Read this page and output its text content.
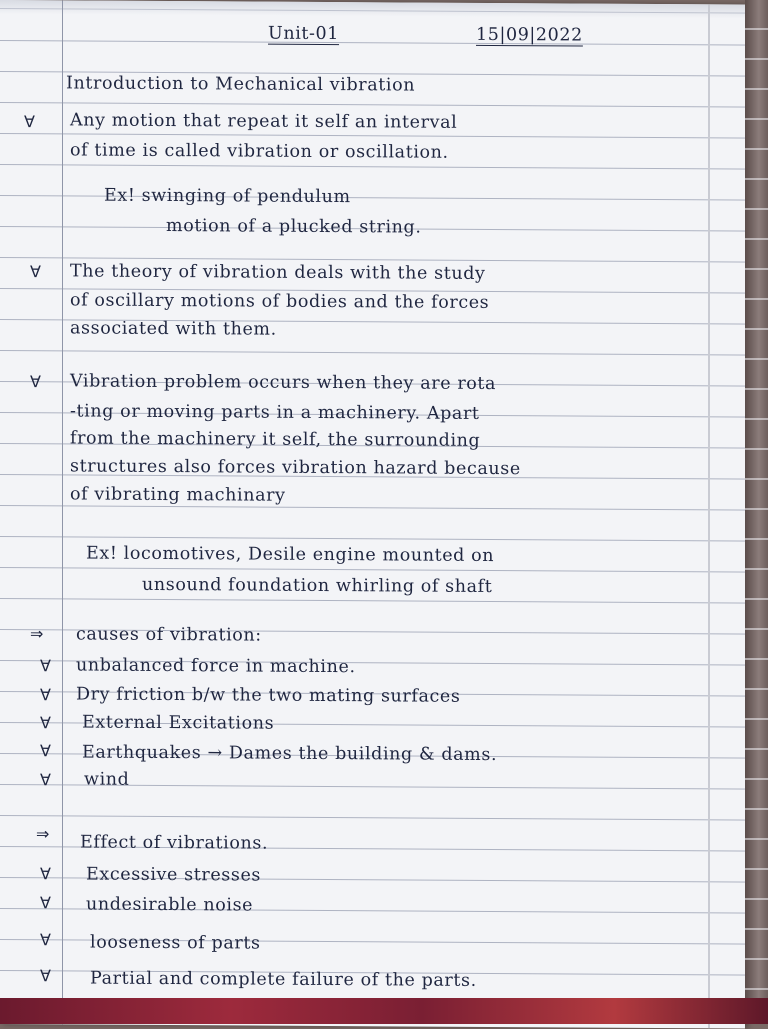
Unit-01	15|09|2022
Introduction to Mechanical vibration
∀ Any motion that repeat it self an interval
of time is called vibration or oscillation.
Ex! swinging of pendulum
motion of a plucked string.
∀ The theory of vibration deals with the study
of oscillary motions of bodies and the forces
associated with them.
∀ Vibration problem occurs when they are rota
-ting or moving parts in a machinery. Apart
from the machinery it self, the surrounding
structures also forces vibration hazard because
of vibrating machinary
Ex! locomotives, Desile engine mounted on
unsound foundation whirling of shaft
⇒ causes of vibration:
∀ unbalanced force in machine.
∀ Dry friction b/w the two mating surfaces
∀ External Excitations
∀ Earthquakes → Dames the building & dams.
∀ wind
⇒ Effect of vibrations.
∀ Excessive stresses
∀ undesirable noise
∀ looseness of parts
∀ Partial and complete failure of the parts.
